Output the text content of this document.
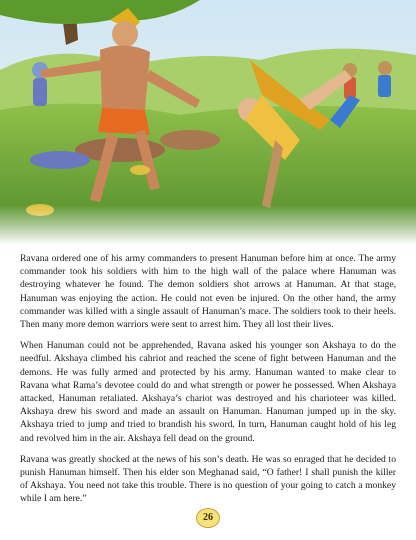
Ravana ordered one of his army commanders to present Hanuman before him at once. The army commander took his soldiers with him to the high wall of the palace where Hanuman was destroying whatever he found. The demon soldiers shot arrows at Hanuman. At that stage, Hanuman was enjoying the action. He could not even be injured. On the other hand, the army commander was killed with a single assault of Hanuman’s mace. The soldiers took to their heels. Then many more demon warriors were sent to arrest him. They all lost their lives.

When Hanuman could not be apprehended, Ravana asked his younger son Akshaya to do the needful. Akshaya climbed his cahriot and reached the scene of fight between Hanuman and the demons. He was fully armed and protected by his army. Hanuman wanted to make clear to Ravana what Rama’s devotee could do and what strength or power he possessed. When Akshaya attacked, Hanuman retaliated. Akshaya’s chariot was destroyed and his charioteer was killed. Akshaya drew his sword and made an assault on Hanuman. Hanuman jumped up in the sky. Akshaya tried to jump and tried to brandish his sword. In turn, Hanuman caught hold of his leg and revolved him in the air. Akshaya fell dead on the ground.

Ravana was greatly shocked at the news of his son’s death. He was so enraged that he decided to punish Hanuman himself. Then his elder son Meghanad said, “O father! I shall punish the killer of Akshaya. You need not take this trouble. There is no question of your going to catch a monkey while I am here.”

26
